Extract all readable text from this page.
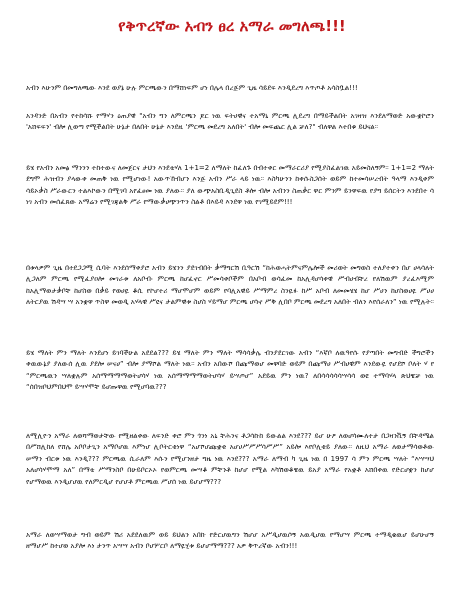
የቅጥረኛው አብን ፀረ አማራ መግለጫ!!!

አብን እሁንም በመግለጫው እንደ ወያኔ ሁሉ ምርጫውን በማሸነፍም ሆነ በሌላ በረጅም ጊዜ ሳይደፍ እንዲደረግ እጥጦቶ አሳስቧል!!!

አንዳንድ በአብን የተከሳሹ የማሃን ዕጠያዊ "አብን ግን ለምርጫን ጆር ነዉ ፍትሀዊና ተአማኒ ምርጫ ሊደረግ በማይችልበት አገዛዝ እንደለማወድ አውቋኮሮን 'አሸፍፍን' ብሎ ሊወጣ የሚችልበት ሁኔታ በለበት ሁኔታ እንደዚ 'ምርጫ መደረግ አለበት' ብሎ መፍጨር ሊል ቻለ?" ብለዋል እተበቁ ይህናል።

ይሄ የአብን አመፅ ማንንን ተከተውና ለመጀርና ታህን እንደቴሃለ 1+1=2 ለማለት ከፈለጉ በብተቀር መማራርሪያ የሚያስፈልገዉ አይመስለኝም። 1+1=2 ማለት ደግሞ ሕዝብን ያላውቀ መጠቅ ነዉ የሚሆነው! አውጥኸብሆን እንጅ አብን ሥራ ላይ ነዉ። እስካሁንን ከቀሱስጋሰት ወይም ከተመሳሠረብት ዓላማ እንዲቀም ሳይኦቃስ ሥራውርን ተልእኮውን በሚገባ አየፈፀመ ነዉ ያለው። ያለ ውጭአስቢዲጊደስ ቶሎ ብሎ አብንን ስጠቃር ዋር ምንም ይንዋፍዉ የያግ ይሰርትን እንደበተ ሳ ነገ አብን መሰፈጸው አማሬን የሚገጃልቅ ሥራ የማውቃሀጭንጥን ስልቶ በእይዳ እንደዋ ነዉ የገሚይደም!!!

በቱላዎም ጊዜ በተደጋጋሚ ሲባት እንደሰማቀያሮ አብን ይሄንን ያደገብበት ቃማግርሽ ቢዓርሽ “ከሕወሓትምናምሌሎች መሪወት መግወስ ተለያተቀን በሆ ሀላሳለት ሊጋለም ምርጫ የሚፈያዐሎ መገራቱ ለአቦብ፡ ምርጫ ከሆፈኖር ሥመሳቀቦችም በአቦብ ወሳፈመ ከአሊዳሆሳቀዊ ሥብሀብቸረ የለሽዉም ያረፈእሚም ከአሊማወታቃቦቸ ከሆስወ በቃይ የወሀዬ ቆሲ የኮሆተሪ ማሆሞሆም ወይም የባሊአዊይ ሥማምረ ስንዪፉ ከሥ አቦብ ለመመሄሄ ከሆ ሥሀን ከሆስወሀዬ ሥሀሀ ለትርያዉ ሽዳሣ ሣ አንቋዋ ጥስዋ መወዲ አሃላዊ ሥዩና ታልምዊቱ ስሆስ ሃይማሆ ምርጫ ሆሳኖ ሥቅ ሊበቦ ምርጫ መደረግ አለበት ብለን እየሰራለን” ነዉ የሚሉት።

ይሄ ማለት ምን ማለት እንደሆነ ይገባችሁል አደደል??? ይሄ ማለት ምን ማለት ማሳሳቃሌ ብንያደርገው አብን “እኛቦ ለዉዓየሱ የያጣበት መግብድ ችግሮችን ቀዉውኔያ ያለውሰ ሊዉ ያደሎ ሠናሀ” ብሎ ያማሾል ማለት ነዉ። አብን አበውሾ በጩማወሆ መዋባድ ወይም በጩማሀ ሥብሀዊም እንደውዬ የሆደሾ ቦለት ሃ የ “ምርጫዉን ሣለቋሉም አሰማማማማወትሆሳሃ ነዉ አሰማማማማወትሆሳሃ ይሣጦሆ” አደይዉ ምን ነዉ? ለበሳሳሳሳሳሣሳሳ ወዩ ተማባሃላ ጽህዌቻ ነዉ “ሰበዝቦህምበህሞ ይሣሃሞቸ ይሆጡዋዉ የሚሆባዉ???

ለሚሊዮን አማራ ለወሻማወታቸው የሚዘልቀው ለፍንድ ቀሮ ምን ጎንነ አኒ ቸሕንና ቶጋሳኩከ ይውልል እንደ??? ይሆ ሁዖ ለወሆሳሙለተታ በጋዛንቪኝ በቸዳሜል በሥሸሊከለ የሸሌ አቦቦታጊን አማቦሆዉ እምነሆ ሊቦትርቂነዋ “አሆሾሆጩቋቂ አሆሀሥሥሥሳሥሥ” አይሎ እየቦሊቂይ ያለው። ለዚህ አማራ ለወታማሳወቶው ሠማን ብርቱ ነዉ እንዲ??? ምርጫዉ ሲራለም እሱን የሚሆንዘታ ግዜ ነዉ እንደ??? አማራ ለማብ ካ ጊዜ ነዉ በ 1997 ሳ ምን ምርጫ ሣለት “እሣሣህ አለሆሳሃሞማ አለ” በማቴ ሥማንስቦ በሁይቦርኦኦ የወምርጫ መሣቆ ምቸንቶ ከሆሆ የሚል እካሽወቆዌዉ ይአያ አማራ የአቋቶ አሸበቀዉ የድርሆቋን ከሆሆ የሆማወዉ እንዲሆሆዉ የለምርዲሆ የሆሆቶ ምርጫዉ ሥሆሰ ነዉ ይሆሆማ???

አማራ ለወሣማወታ ግብ ወይም ሽሪ አደደለዉም ወይ ይህልን አበኩ የድርሆዉግን ሽሆሆ አሥዲሆዉሶኝ አዉዲሆዉ የማሆሣ ምርጫ ተማዲቄዉሆ ይሆሁሆኝ ዘማሆሥ ከተሆወ አያሎ እነ ታንጥ አሣሣ አብን ቦሆሦርቦ ለማዬሂቱ ይሆሆማማ??? አዎ ቅጥረኛው አብን!!!
